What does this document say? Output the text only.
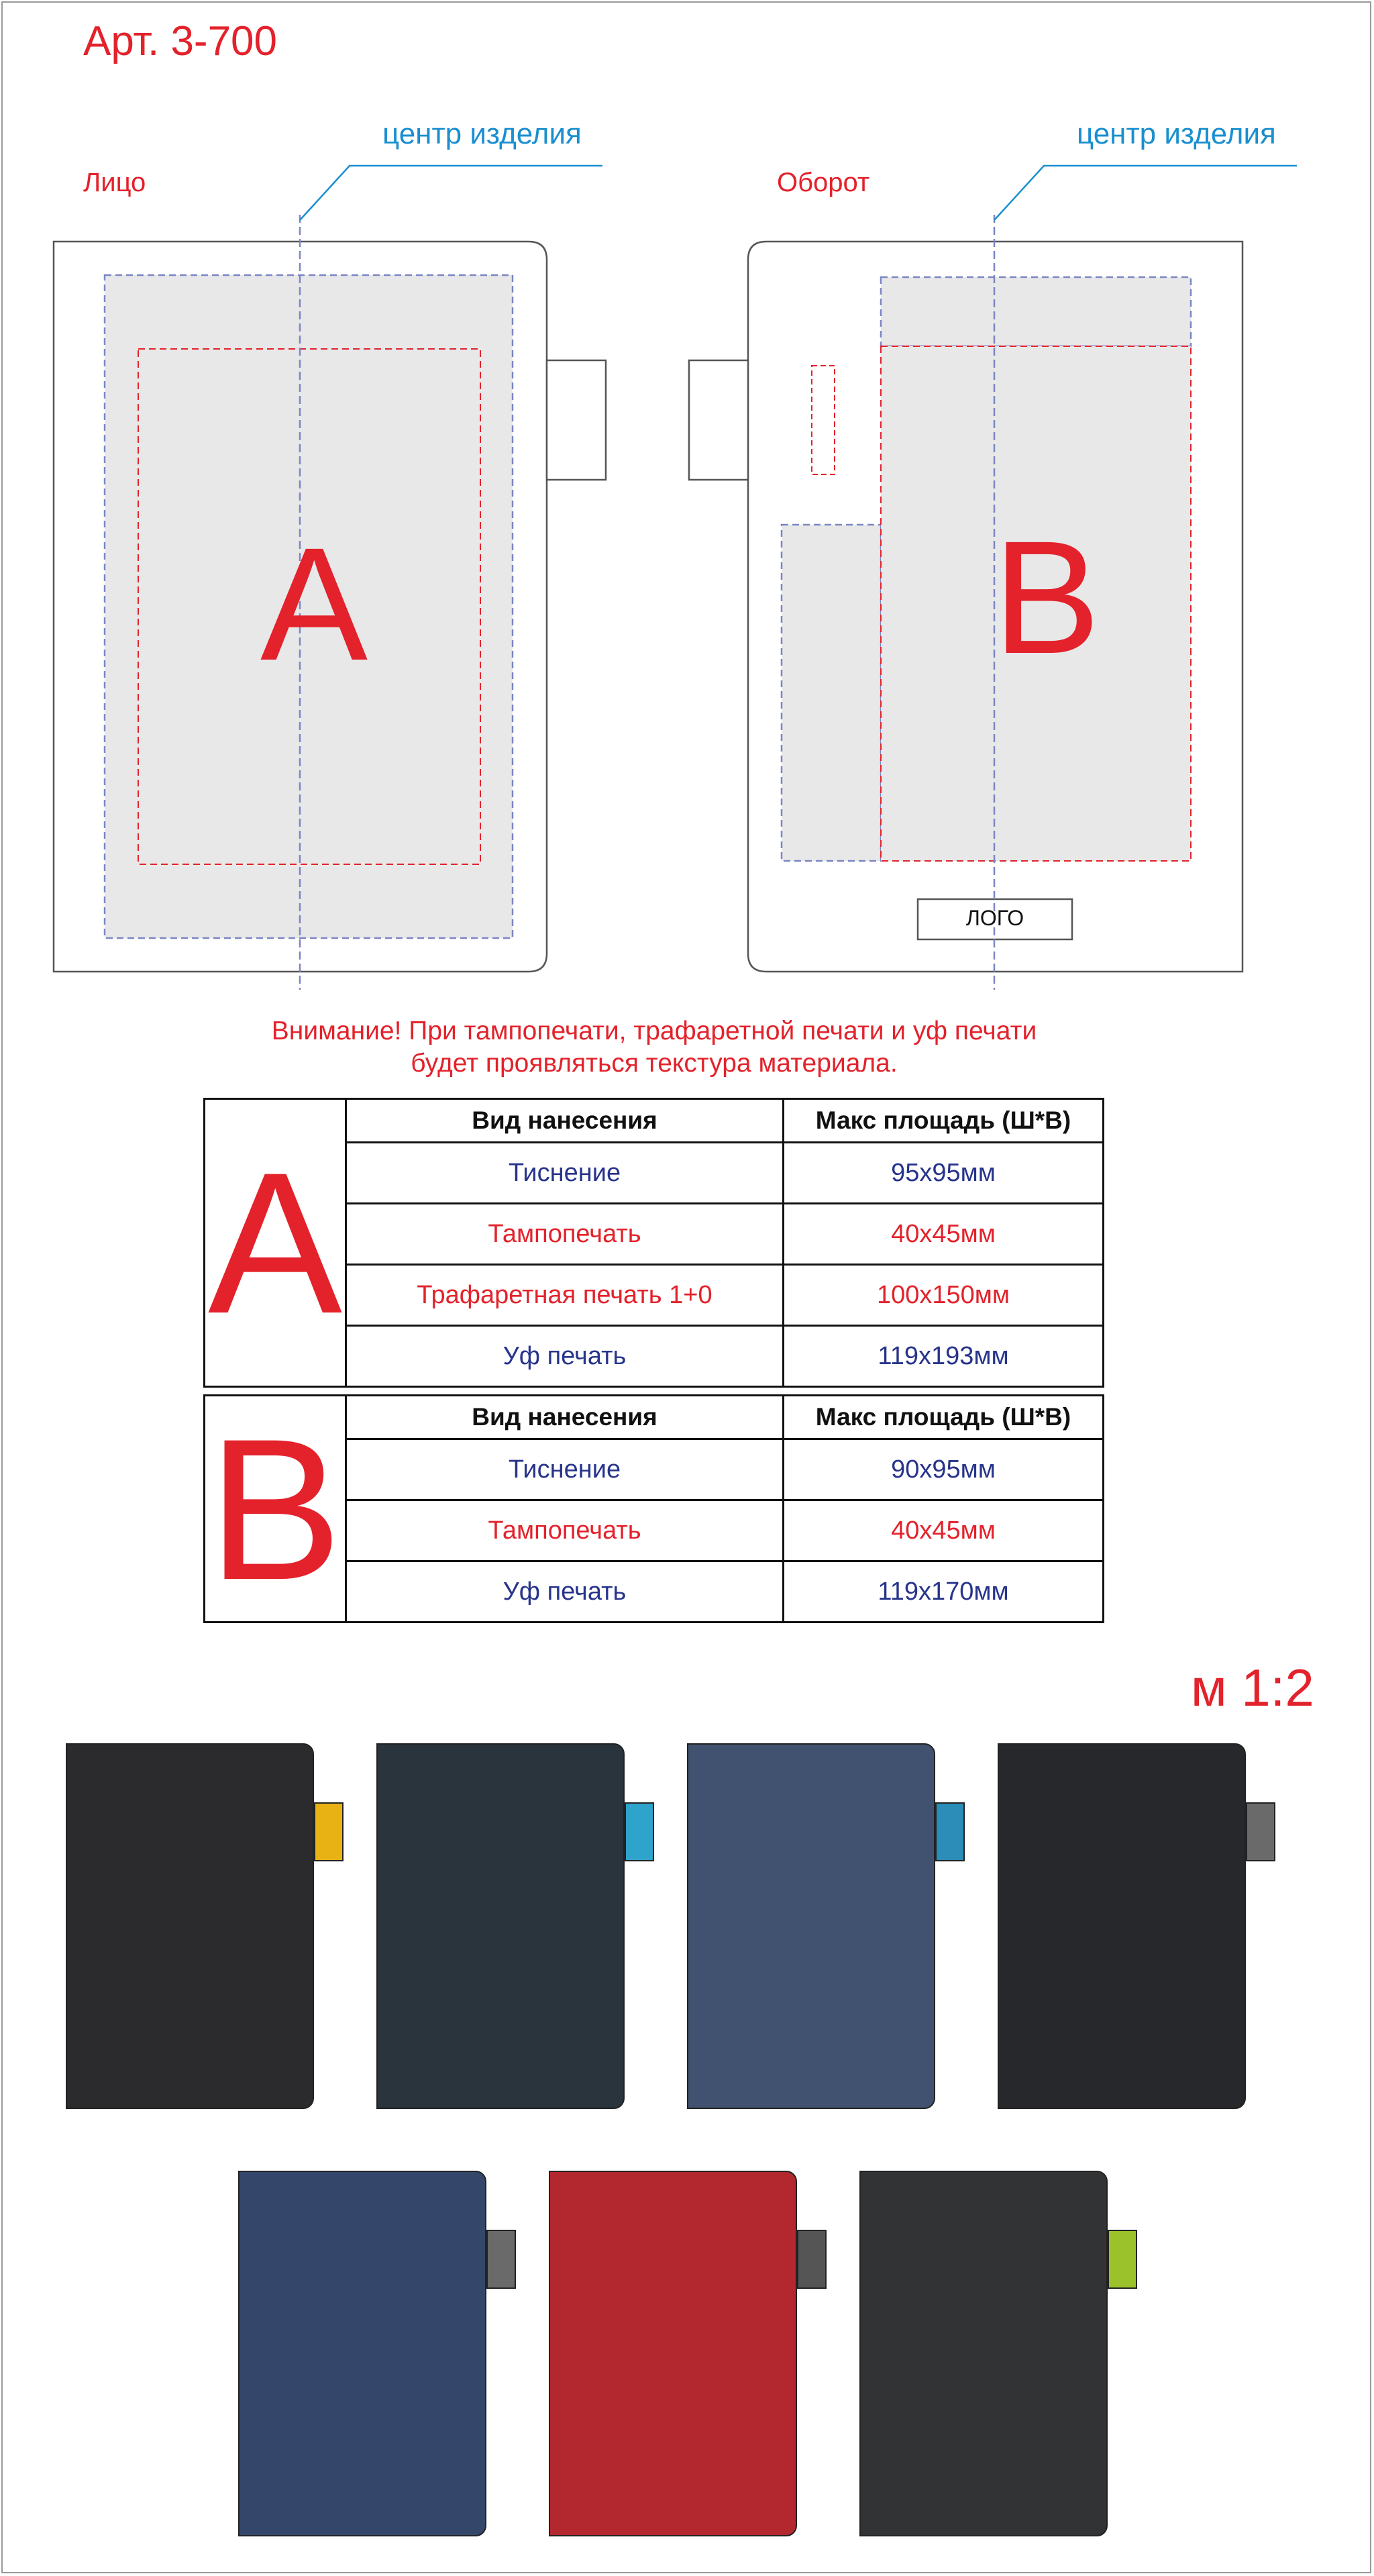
Арт. 3-700
Лицо
центр изделия
Оборот
центр изделия
A	B
ЛОГО
Внимание! При тампопечати, трафаретной печати и уф печати
будет проявляться текстура материала.
A	Вид нанесения	Макс площадь (Ш*В)
	Тиснение	95x95мм
	Тампопечать	40x45мм
	Трафаретная печать 1+0	100x150мм
	Уф печать	119x193мм
B	Вид нанесения	Макс площадь (Ш*В)
	Тиснение	90x95мм
	Тампопечать	40x45мм
	Уф печать	119x170мм
м 1:2
